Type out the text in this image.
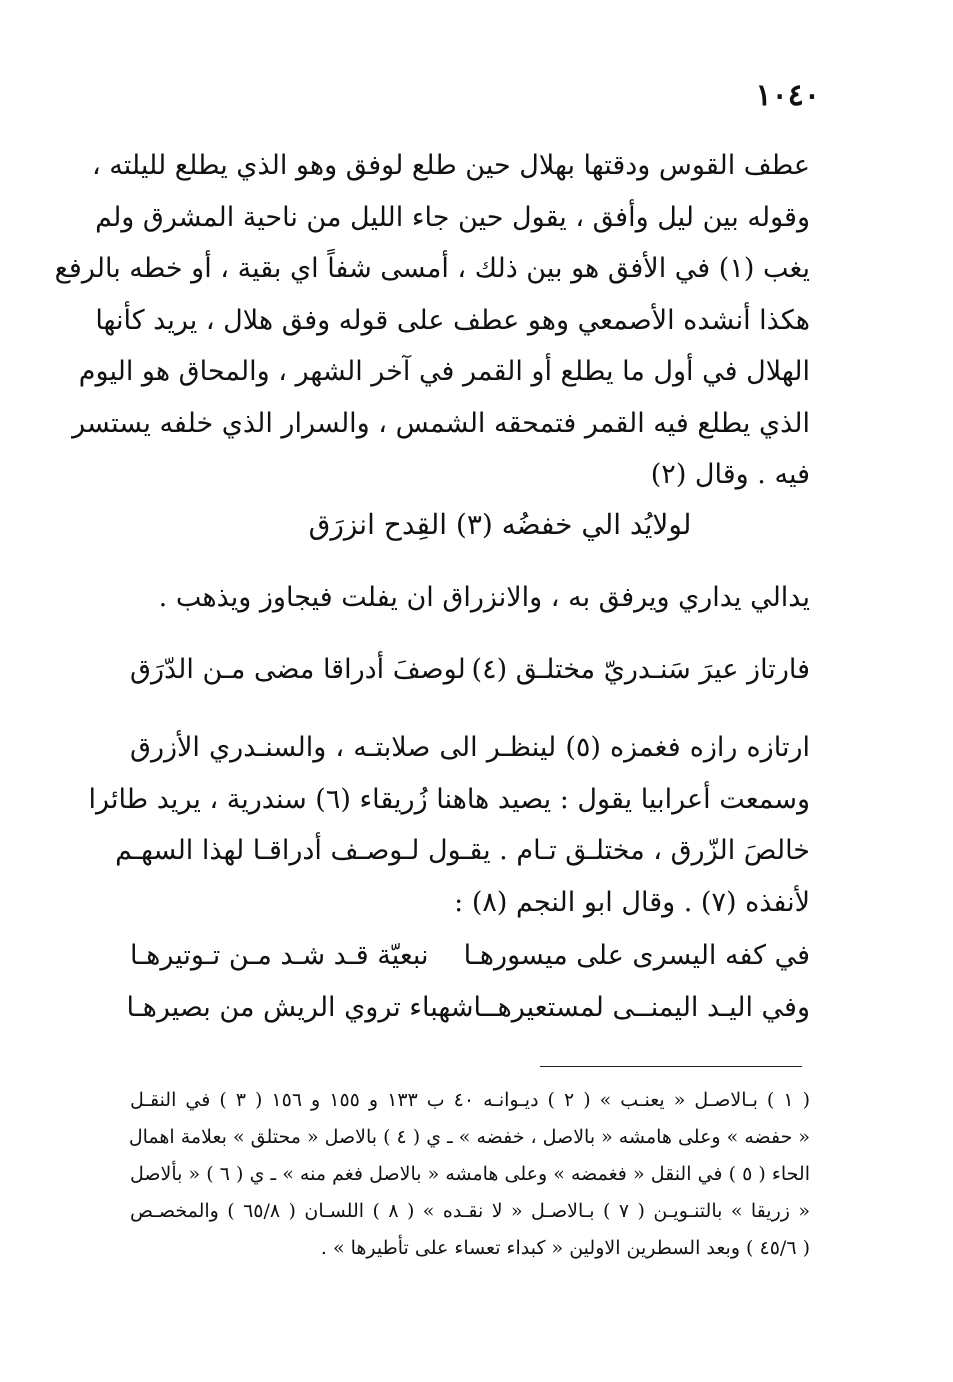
١٠٤٠
عطف القوس ودقتها بهلال حين طلع لوفق وهو الذي يطلع لليلته ،
وقوله بين ليل وأفق ، يقول حين جاء الليل من ناحية المشرق ولم
يغب (١) في الأفق هو بين ذلك ، أمسى شفاً اي بقية ، أو خطه بالرفع
هكذا أنشده الأصمعي وهو عطف على قوله وفق هلال ، يريد كأنها
الهلال في أول ما يطلع أو القمر في آخر الشهر ، والمحاق هو اليوم
الذي يطلع فيه القمر فتمحقه الشمس ، والسرار الذي خلفه يستسر
فيه . وقال (٢)
لولايُد الي خفضُه (٣) القِدح انزرَق
يدالي يداري ويرفق به ، والانزراق ان يفلت فيجاوز ويذهب .
فارتاز عيرَ سَنـدريّ مختلـق (٤)
لوصفَ أدراقا مضى مـن الدّرَق
ارتازه رازه فغمزه (٥) لينظـر الى صلابتـه ، والسنـدري الأزرق
وسمعت أعرابيا يقول : يصيد هاهنا زُريقاء (٦) سندرية ، يريد طائرا
خالصَ الزّرق ، مختلـق تـام . يقـول لـوصـف أدراقـا لهذا السهـم
لأنفذه (٧) . وقال ابو النجم (٨) :
في كفه اليسرى على ميسورهـا
نبعيّة قـد شـد مـن تـوتيرهـا
وفي اليـد اليمنــى لمستعيرهــا
شهباء تروي الريش من بصيرهـا
( ١ ) بـالاصـل « يعنـب » ( ٢ ) ديـوانـه ٤٠ ب ١٣٣ و ١٥٥ و ١٥٦ ( ٣ ) في النقـل
« حفضه » وعلى هامشه « بالاصل ، خفضه » ـ ي ( ٤ ) بالاصل « محتلق » بعلامة اهمال
الحاء ( ٥ ) في النقل « فغمضه » وعلى هامشه « بالاصل فغم منه » ـ ي ( ٦ ) « بألاصل
« زريقا » بالتنـويـن ( ٧ ) بـالاصـل « لا نقـده » ( ٨ ) اللسـان ( ٦٥/٨ ) والمخصـص
( ٤٥/٦ ) وبعد السطرين الاولين « كبداء تعساء على تأطيرها » .
